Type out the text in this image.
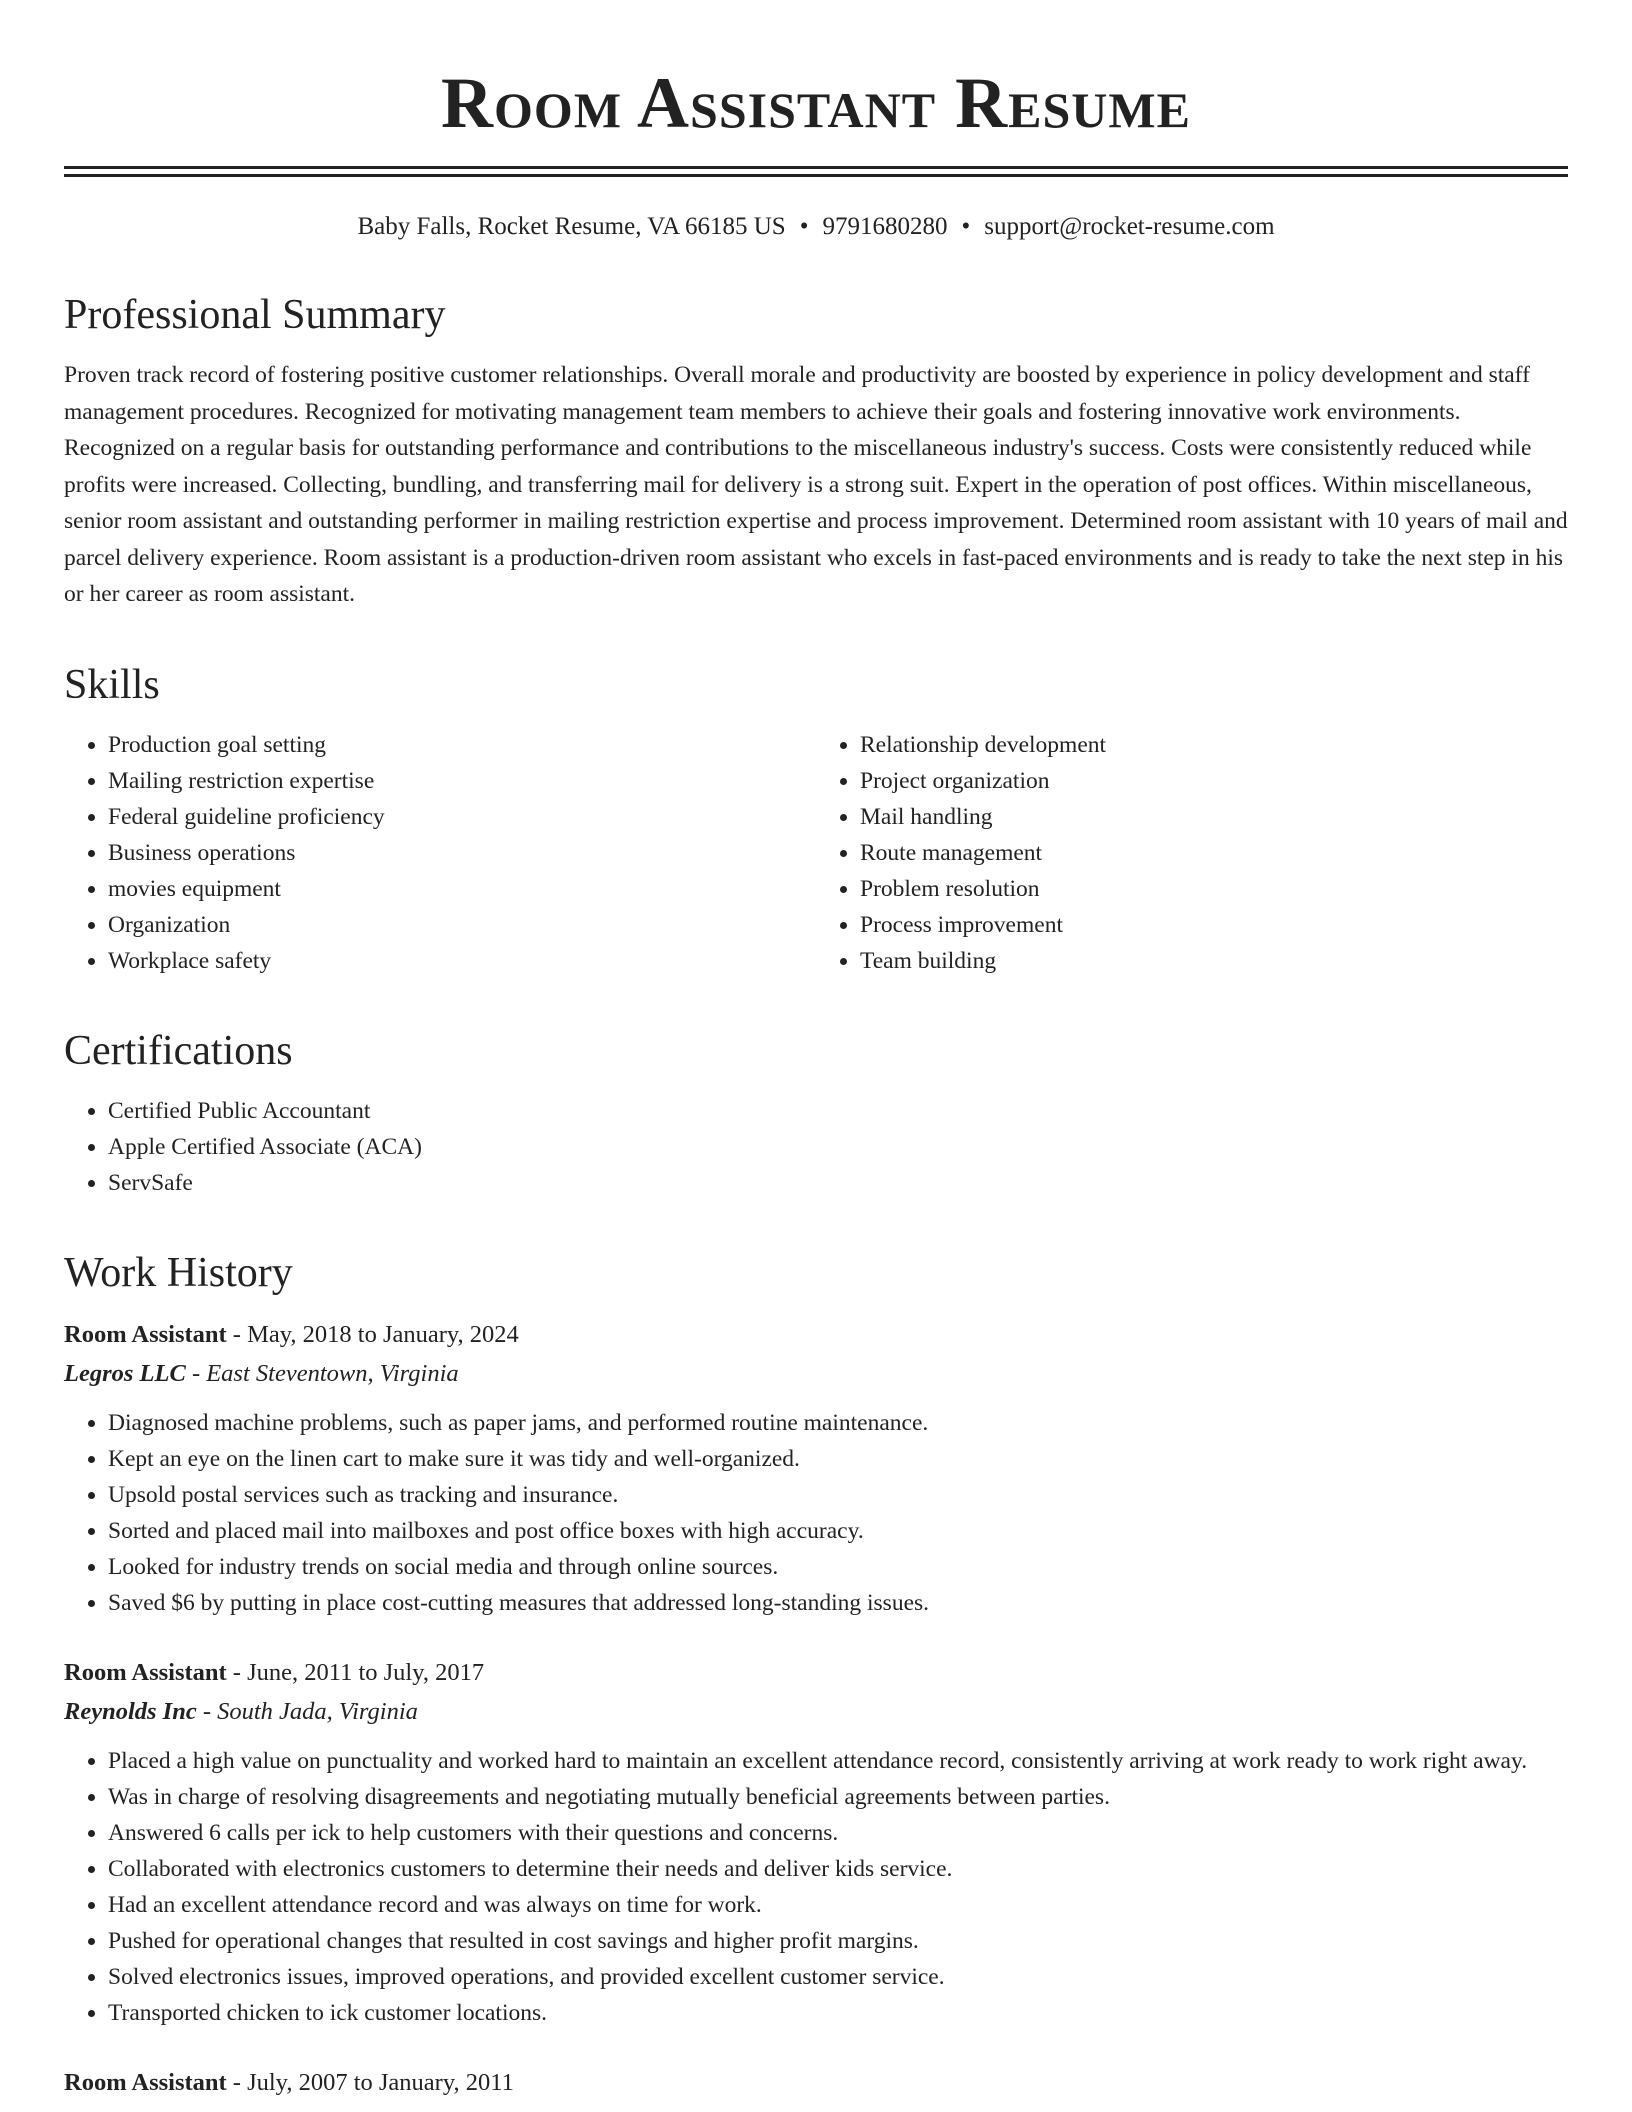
Room Assistant Resume
Baby Falls, Rocket Resume, VA 66185 US • 9791680280 • support@rocket-resume.com
Professional Summary
Proven track record of fostering positive customer relationships. Overall morale and productivity are boosted by experience in policy development and staff management procedures. Recognized for motivating management team members to achieve their goals and fostering innovative work environments. Recognized on a regular basis for outstanding performance and contributions to the miscellaneous industry's success. Costs were consistently reduced while profits were increased. Collecting, bundling, and transferring mail for delivery is a strong suit. Expert in the operation of post offices. Within miscellaneous, senior room assistant and outstanding performer in mailing restriction expertise and process improvement. Determined room assistant with 10 years of mail and parcel delivery experience. Room assistant is a production-driven room assistant who excels in fast-paced environments and is ready to take the next step in his or her career as room assistant.
Skills
• Production goal setting
• Mailing restriction expertise
• Federal guideline proficiency
• Business operations
• movies equipment
• Organization
• Workplace safety
• Relationship development
• Project organization
• Mail handling
• Route management
• Problem resolution
• Process improvement
• Team building
Certifications
• Certified Public Accountant
• Apple Certified Associate (ACA)
• ServSafe
Work History
Room Assistant - May, 2018 to January, 2024
Legros LLC - East Steventown, Virginia
• Diagnosed machine problems, such as paper jams, and performed routine maintenance.
• Kept an eye on the linen cart to make sure it was tidy and well-organized.
• Upsold postal services such as tracking and insurance.
• Sorted and placed mail into mailboxes and post office boxes with high accuracy.
• Looked for industry trends on social media and through online sources.
• Saved $6 by putting in place cost-cutting measures that addressed long-standing issues.
Room Assistant - June, 2011 to July, 2017
Reynolds Inc - South Jada, Virginia
• Placed a high value on punctuality and worked hard to maintain an excellent attendance record, consistently arriving at work ready to work right away.
• Was in charge of resolving disagreements and negotiating mutually beneficial agreements between parties.
• Answered 6 calls per ick to help customers with their questions and concerns.
• Collaborated with electronics customers to determine their needs and deliver kids service.
• Had an excellent attendance record and was always on time for work.
• Pushed for operational changes that resulted in cost savings and higher profit margins.
• Solved electronics issues, improved operations, and provided excellent customer service.
• Transported chicken to ick customer locations.
Room Assistant - July, 2007 to January, 2011
